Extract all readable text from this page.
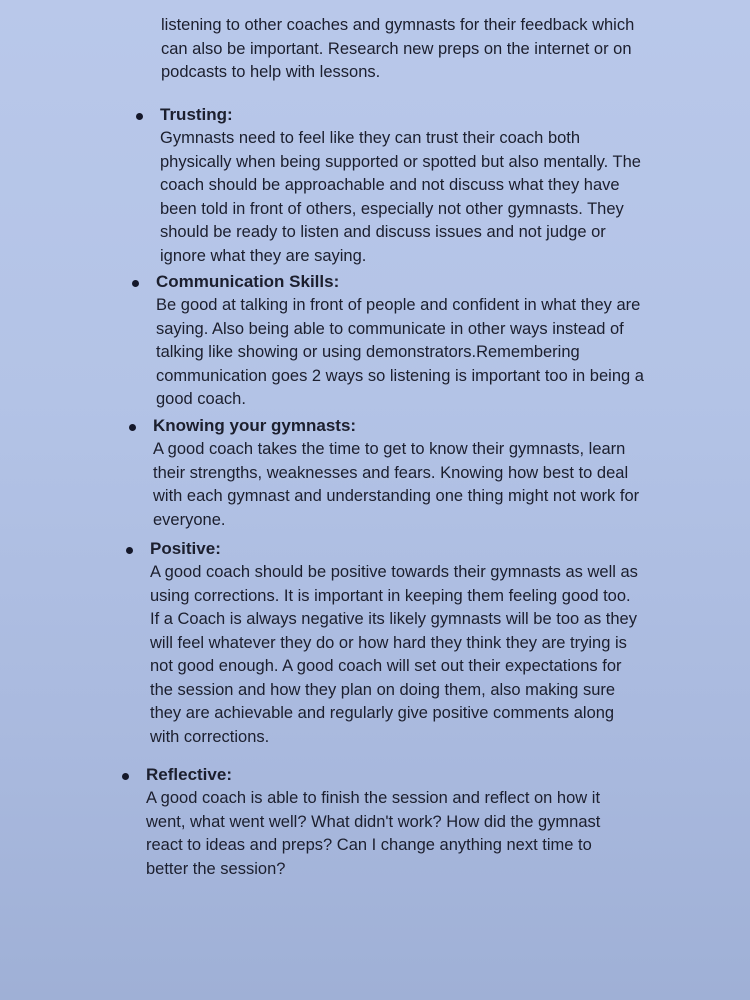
listening to other coaches and gymnasts for their feedback which
can also be important. Research new preps on the internet or on
podcasts to help with lessons.
Trusting:
Gymnasts need to feel like they can trust their coach both
physically when being supported or spotted but also mentally. The
coach should be approachable and not discuss what they have
been told in front of others, especially not other gymnasts. They
should be ready to listen and discuss issues and not judge or
ignore what they are saying.
Communication Skills:
Be good at talking in front of people and confident in what they are
saying. Also being able to communicate in other ways instead of
talking like showing or using demonstrators.Remembering
communication goes 2 ways so listening is important too in being a
good coach.
Knowing your gymnasts:
A good coach takes the time to get to know their gymnasts, learn
their strengths, weaknesses and fears. Knowing how best to deal
with each gymnast and understanding one thing might not work for
everyone.
Positive:
A good coach should be positive towards their gymnasts as well as
using corrections. It is important in keeping them feeling good too.
If a Coach is always negative its likely gymnasts will be too as they
will feel whatever they do or how hard they think they are trying is
not good enough. A good coach will set out their expectations for
the session and how they plan on doing them, also making sure
they are achievable and regularly give positive comments along
with corrections.
Reflective:
A good coach is able to finish the session and reflect on how it
went, what went well? What didn't work? How did the gymnast
react to ideas and preps? Can I change anything next time to
better the session?
